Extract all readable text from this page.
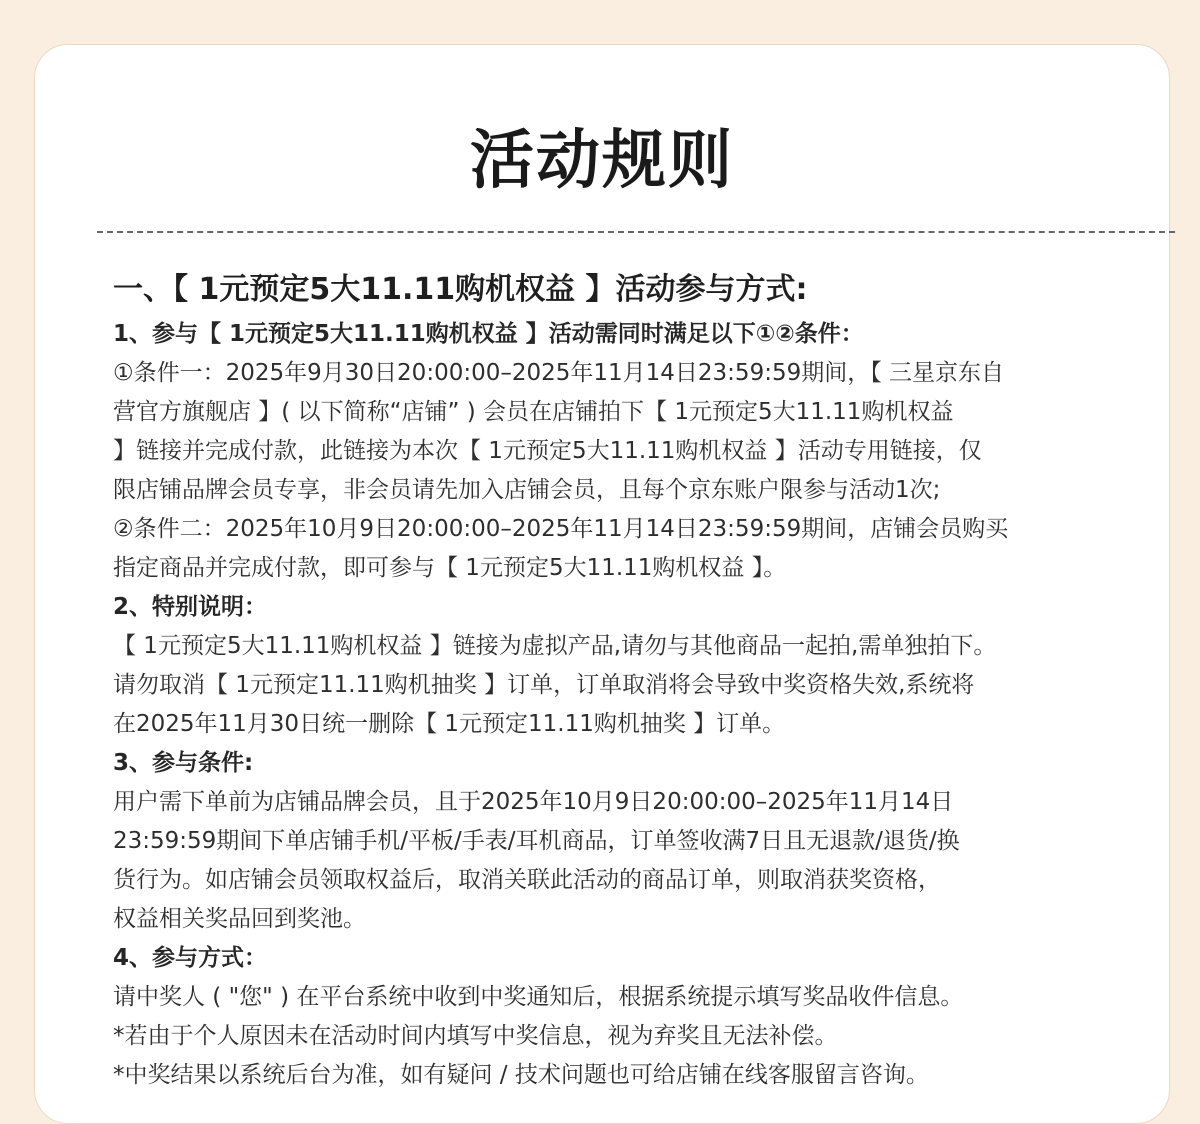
活动规则
一、【 1元预定5大11.11购机权益 】活动参与方式:
1、参与【 1元预定5大11.11购机权益 】活动需同时满足以下①②条件：
①条件一：2025年9月30日20:00:00–2025年11月14日23:59:59期间，【 三星京东自
营官方旗舰店 】( 以下简称“店铺” ) 会员在店铺拍下【 1元预定5大11.11购机权益
】链接并完成付款，此链接为本次【 1元预定5大11.11购机权益 】活动专用链接，仅
限店铺品牌会员专享，非会员请先加入店铺会员，且每个京东账户限参与活动1次;
②条件二：2025年10月9日20:00:00–2025年11月14日23:59:59期间，店铺会员购买
指定商品并完成付款，即可参与【 1元预定5大11.11购机权益 】。
2、特别说明：
【 1元预定5大11.11购机权益 】链接为虚拟产品,请勿与其他商品一起拍,需单独拍下。
请勿取消【 1元预定11.11购机抽奖 】订单，订单取消将会导致中奖资格失效,系统将
在2025年11月30日统一删除【 1元预定11.11购机抽奖 】订单。
3、参与条件:
用户需下单前为店铺品牌会员，且于2025年10月9日20:00:00–2025年11月14日
23:59:59期间下单店铺手机/平板/手表/耳机商品，订单签收满7日且无退款/退货/换
货行为。如店铺会员领取权益后，取消关联此活动的商品订单，则取消获奖资格，
权益相关奖品回到奖池。
4、参与方式：
请中奖人 ( "您" ) 在平台系统中收到中奖通知后，根据系统提示填写奖品收件信息。
*若由于个人原因未在活动时间内填写中奖信息，视为弃奖且无法补偿。
*中奖结果以系统后台为准，如有疑问 / 技术问题也可给店铺在线客服留言咨询。
